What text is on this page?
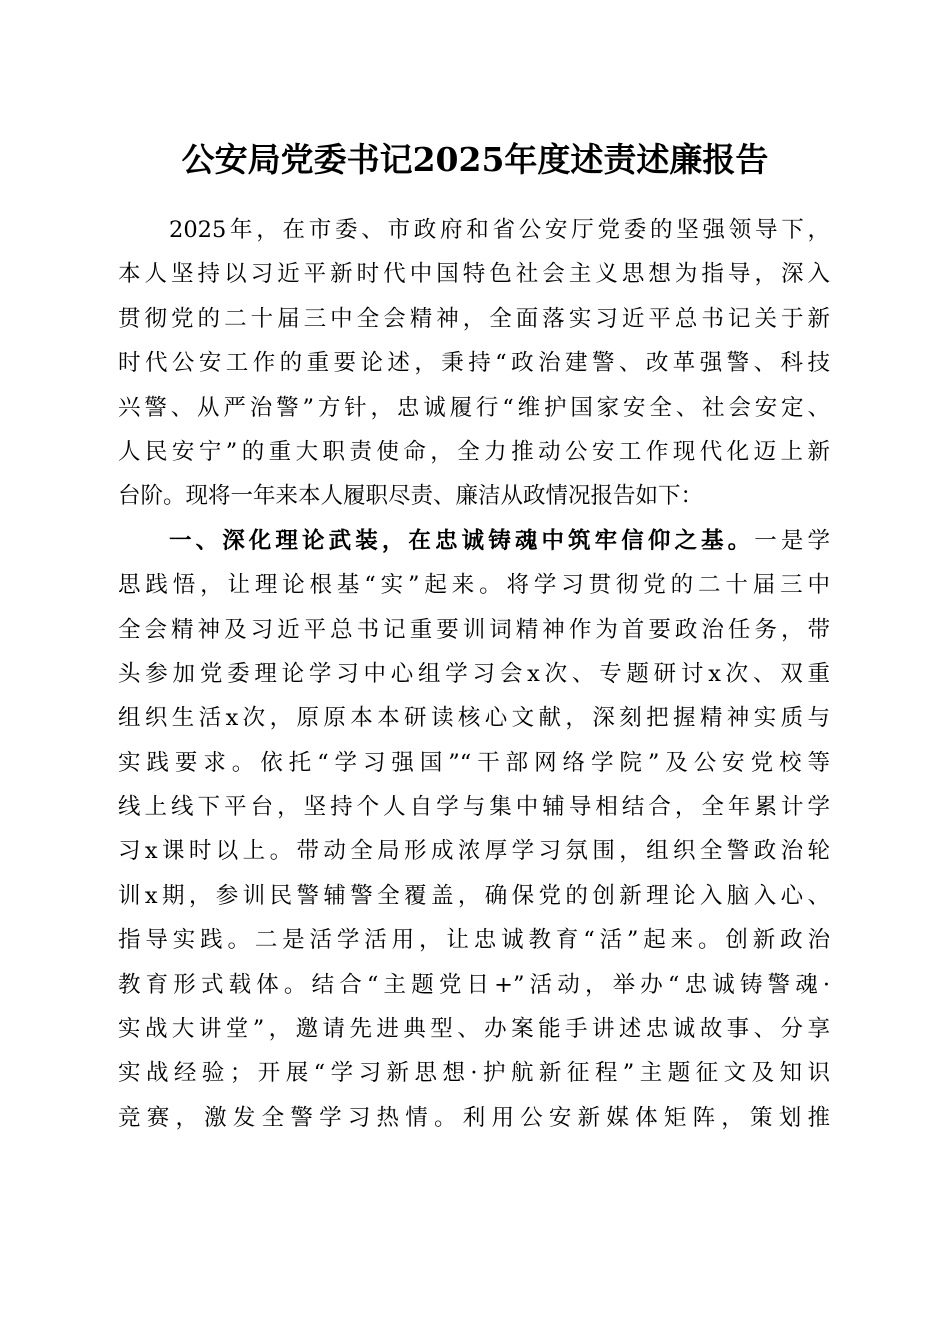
公安局党委书记2025年度述责述廉报告
2025年，在市委、市政府和省公安厅党委的坚强领导下，
本人坚持以习近平新时代中国特色社会主义思想为指导，深入
贯彻党的二十届三中全会精神，全面落实习近平总书记关于新
时代公安工作的重要论述，秉持“政治建警、改革强警、科技
兴警、从严治警”方针，忠诚履行“维护国家安全、社会安定、
人民安宁”的重大职责使命，全力推动公安工作现代化迈上新
台阶。现将一年来本人履职尽责、廉洁从政情况报告如下：
一、深化理论武装，在忠诚铸魂中筑牢信仰之基。一是学
思践悟，让理论根基“实”起来。将学习贯彻党的二十届三中
全会精神及习近平总书记重要训词精神作为首要政治任务，带
头参加党委理论学习中心组学习会x次、专题研讨x次、双重
组织生活x次，原原本本研读核心文献，深刻把握精神实质与
实践要求。依托“学习强国”“干部网络学院”及公安党校等
线上线下平台，坚持个人自学与集中辅导相结合，全年累计学
习x课时以上。带动全局形成浓厚学习氛围，组织全警政治轮
训x期，参训民警辅警全覆盖，确保党的创新理论入脑入心、
指导实践。二是活学活用，让忠诚教育“活”起来。创新政治
教育形式载体。结合“主题党日+”活动，举办“忠诚铸警魂·
实战大讲堂”，邀请先进典型、办案能手讲述忠诚故事、分享
实战经验；开展“学习新思想·护航新征程”主题征文及知识
竞赛，激发全警学习热情。利用公安新媒体矩阵，策划推
